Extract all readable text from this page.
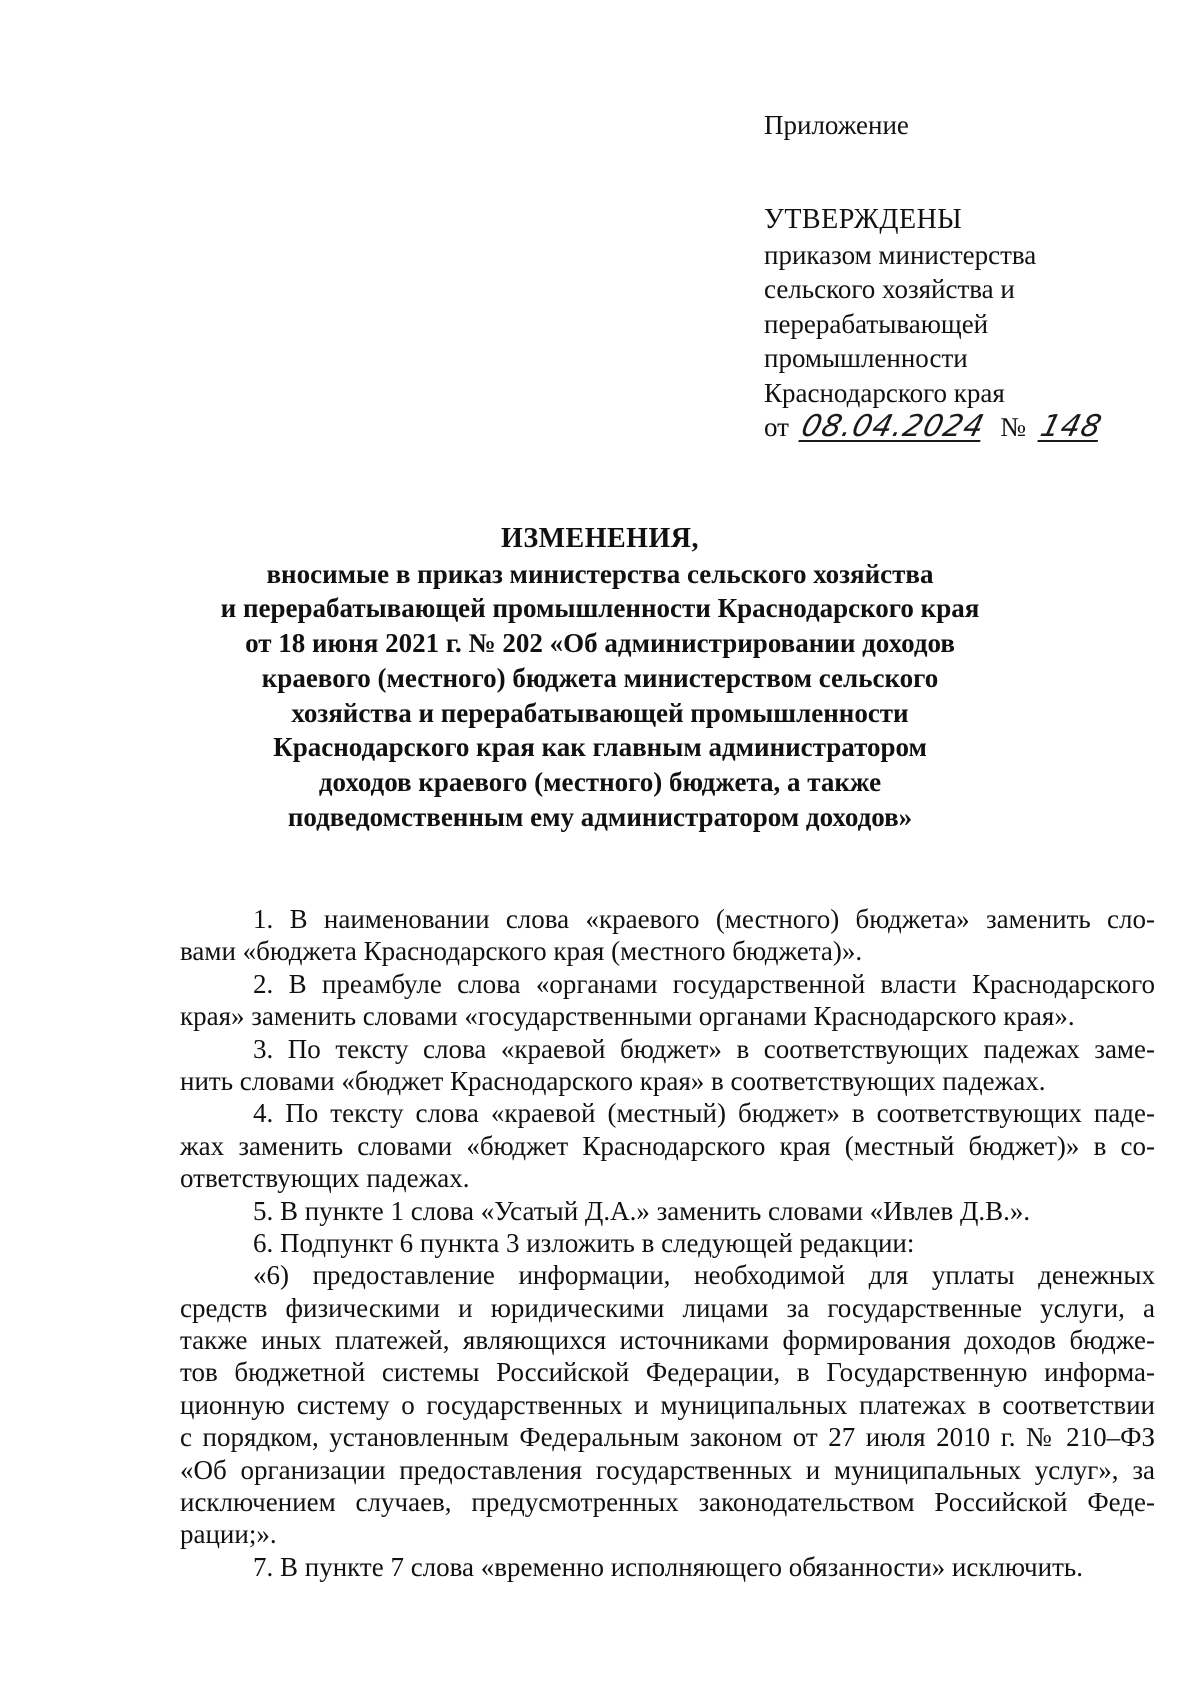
Приложение
УТВЕРЖДЕНЫ
приказом министерства
сельского хозяйства и
перерабатывающей
промышленности
Краснодарского края
от 08.04.2024 № 148
ИЗМЕНЕНИЯ,
вносимые в приказ министерства сельского хозяйства
и перерабатывающей промышленности Краснодарского края
от 18 июня 2021 г. № 202 «Об администрировании доходов
краевого (местного) бюджета министерством сельского
хозяйства и перерабатывающей промышленности
Краснодарского края как главным администратором
доходов краевого (местного) бюджета, а также
подведомственным ему администратором доходов»
1. В наименовании слова «краевого (местного) бюджета» заменить сло-
вами «бюджета Краснодарского края (местного бюджета)».
2. В преамбуле слова «органами государственной власти Краснодарского
края» заменить словами «государственными органами Краснодарского края».
3. По тексту слова «краевой бюджет» в соответствующих падежах заме-
нить словами «бюджет Краснодарского края» в соответствующих падежах.
4. По тексту слова «краевой (местный) бюджет» в соответствующих паде-
жах заменить словами «бюджет Краснодарского края (местный бюджет)» в со-
ответствующих падежах.
5. В пункте 1 слова «Усатый Д.А.» заменить словами «Ивлев Д.В.».
6. Подпункт 6 пункта 3 изложить в следующей редакции:
«6) предоставление информации, необходимой для уплаты денежных
средств физическими и юридическими лицами за государственные услуги, а
также иных платежей, являющихся источниками формирования доходов бюдже-
тов бюджетной системы Российской Федерации, в Государственную информа-
ционную систему о государственных и муниципальных платежах в соответствии
с порядком, установленным Федеральным законом от 27 июля 2010 г. № 210–ФЗ
«Об организации предоставления государственных и муниципальных услуг», за
исключением случаев, предусмотренных законодательством Российской Феде-
рации;».
7. В пункте 7 слова «временно исполняющего обязанности» исключить.
